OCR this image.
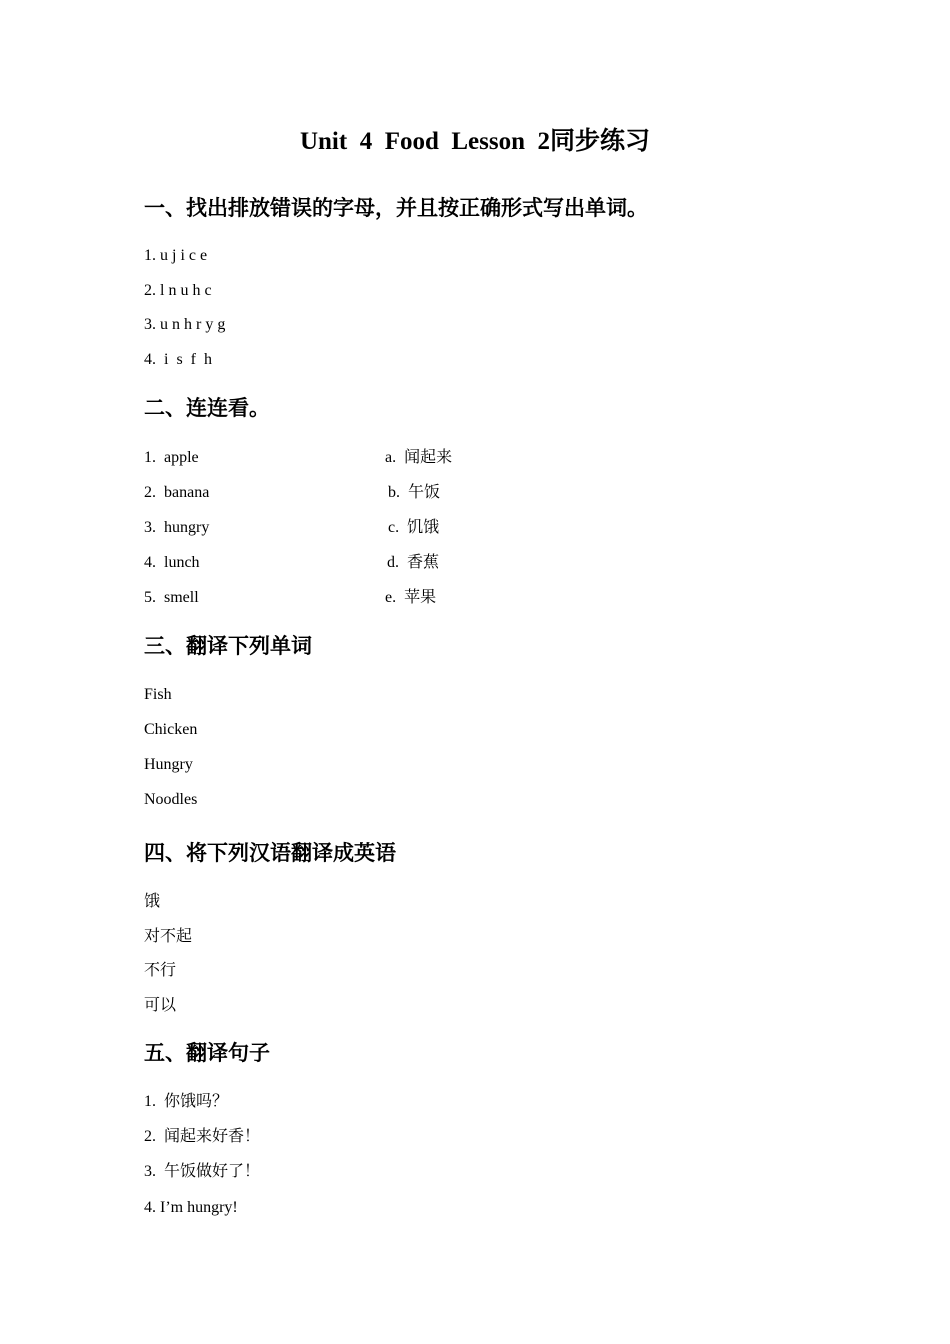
Unit  4  Food  Lesson  2同步练习
一、找出排放错误的字母，并且按正确形式写出单词。
1. u j i c e
2. l n u h c
3. u n h r y g
4.  i  s  f  h
二、连连看。
1.  apple	a.  闻起来
2.  banana	b.  午饭
3.  hungry	c.  饥饿
4.  lunch	d.  香蕉
5.  smell	e.  苹果
三、翻译下列单词
Fish
Chicken
Hungry
Noodles
四、将下列汉语翻译成英语
饿
对不起
不行
可以
五、翻译句子
1.  你饿吗？
2.  闻起来好香！
3.  午饭做好了！
4. I’m hungry!
